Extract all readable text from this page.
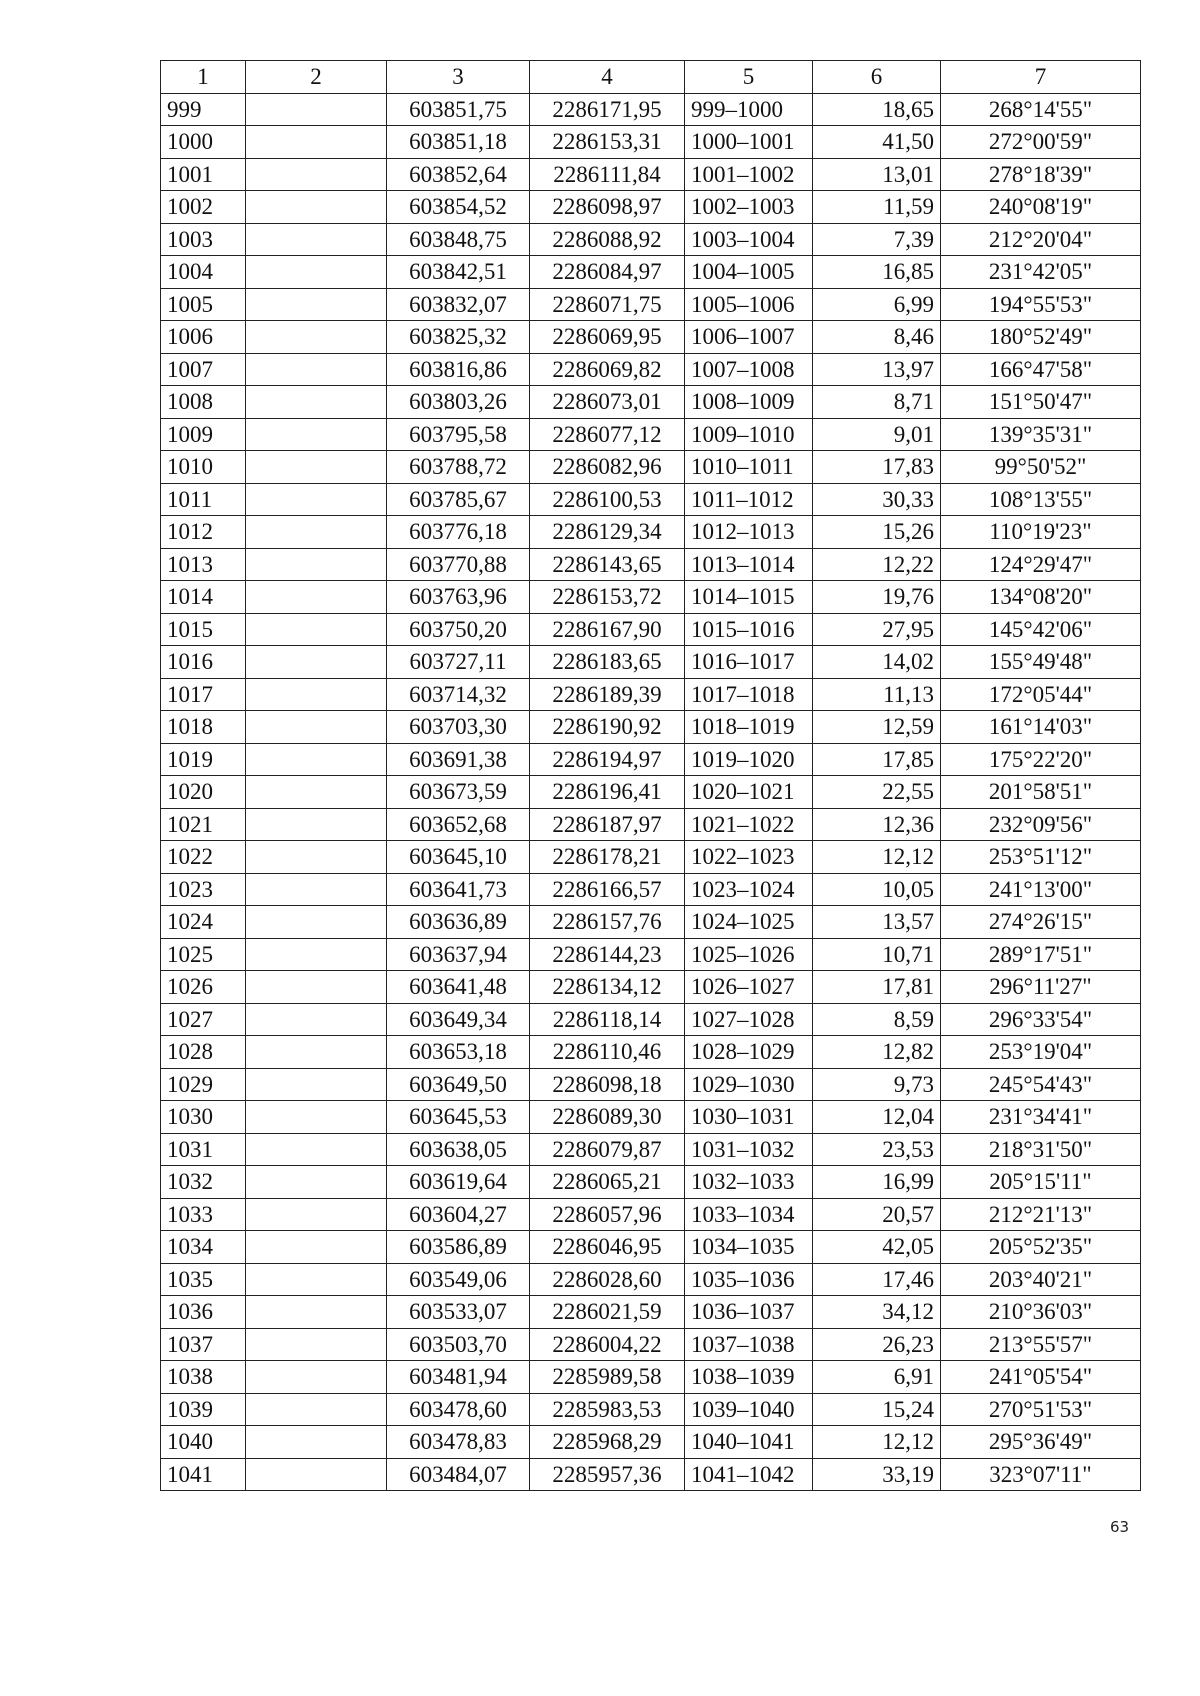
1	2	3	4	5	6	7
999		603851,75	2286171,95	999–1000	18,65	268°14'55"
1000		603851,18	2286153,31	1000–1001	41,50	272°00'59"
1001		603852,64	2286111,84	1001–1002	13,01	278°18'39"
1002		603854,52	2286098,97	1002–1003	11,59	240°08'19"
1003		603848,75	2286088,92	1003–1004	7,39	212°20'04"
1004		603842,51	2286084,97	1004–1005	16,85	231°42'05"
1005		603832,07	2286071,75	1005–1006	6,99	194°55'53"
1006		603825,32	2286069,95	1006–1007	8,46	180°52'49"
1007		603816,86	2286069,82	1007–1008	13,97	166°47'58"
1008		603803,26	2286073,01	1008–1009	8,71	151°50'47"
1009		603795,58	2286077,12	1009–1010	9,01	139°35'31"
1010		603788,72	2286082,96	1010–1011	17,83	99°50'52"
1011		603785,67	2286100,53	1011–1012	30,33	108°13'55"
1012		603776,18	2286129,34	1012–1013	15,26	110°19'23"
1013		603770,88	2286143,65	1013–1014	12,22	124°29'47"
1014		603763,96	2286153,72	1014–1015	19,76	134°08'20"
1015		603750,20	2286167,90	1015–1016	27,95	145°42'06"
1016		603727,11	2286183,65	1016–1017	14,02	155°49'48"
1017		603714,32	2286189,39	1017–1018	11,13	172°05'44"
1018		603703,30	2286190,92	1018–1019	12,59	161°14'03"
1019		603691,38	2286194,97	1019–1020	17,85	175°22'20"
1020		603673,59	2286196,41	1020–1021	22,55	201°58'51"
1021		603652,68	2286187,97	1021–1022	12,36	232°09'56"
1022		603645,10	2286178,21	1022–1023	12,12	253°51'12"
1023		603641,73	2286166,57	1023–1024	10,05	241°13'00"
1024		603636,89	2286157,76	1024–1025	13,57	274°26'15"
1025		603637,94	2286144,23	1025–1026	10,71	289°17'51"
1026		603641,48	2286134,12	1026–1027	17,81	296°11'27"
1027		603649,34	2286118,14	1027–1028	8,59	296°33'54"
1028		603653,18	2286110,46	1028–1029	12,82	253°19'04"
1029		603649,50	2286098,18	1029–1030	9,73	245°54'43"
1030		603645,53	2286089,30	1030–1031	12,04	231°34'41"
1031		603638,05	2286079,87	1031–1032	23,53	218°31'50"
1032		603619,64	2286065,21	1032–1033	16,99	205°15'11"
1033		603604,27	2286057,96	1033–1034	20,57	212°21'13"
1034		603586,89	2286046,95	1034–1035	42,05	205°52'35"
1035		603549,06	2286028,60	1035–1036	17,46	203°40'21"
1036		603533,07	2286021,59	1036–1037	34,12	210°36'03"
1037		603503,70	2286004,22	1037–1038	26,23	213°55'57"
1038		603481,94	2285989,58	1038–1039	6,91	241°05'54"
1039		603478,60	2285983,53	1039–1040	15,24	270°51'53"
1040		603478,83	2285968,29	1040–1041	12,12	295°36'49"
1041		603484,07	2285957,36	1041–1042	33,19	323°07'11"
63
